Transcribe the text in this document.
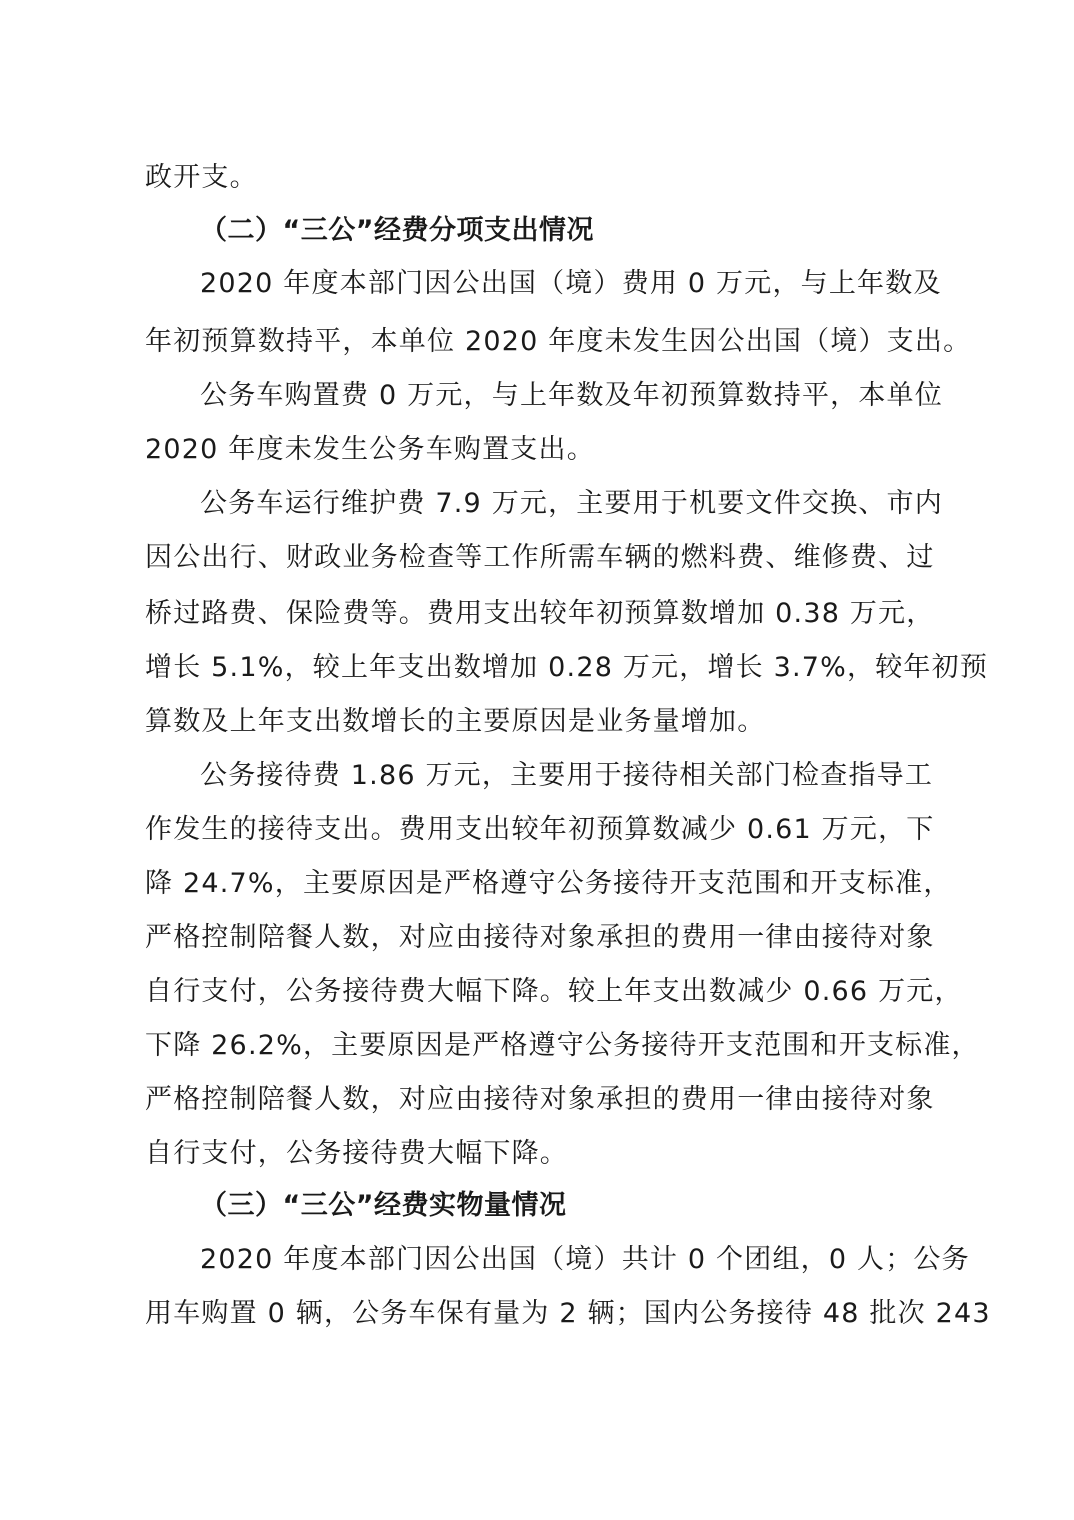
政开支。
（二）“三公”经费分项支出情况
2020 年度本部门因公出国（境）费用 0 万元，与上年数及
年初预算数持平，本单位 2020 年度未发生因公出国（境）支出。
公务车购置费 0 万元，与上年数及年初预算数持平，本单位
2020 年度未发生公务车购置支出。
公务车运行维护费 7.9 万元，主要用于机要文件交换、市内
因公出行、财政业务检查等工作所需车辆的燃料费、维修费、过
桥过路费、保险费等。费用支出较年初预算数增加 0.38 万元，
增长 5.1%，较上年支出数增加 0.28 万元，增长 3.7%，较年初预
算数及上年支出数增长的主要原因是业务量增加。
公务接待费 1.86 万元，主要用于接待相关部门检查指导工
作发生的接待支出。费用支出较年初预算数减少 0.61 万元，下
降 24.7%，主要原因是严格遵守公务接待开支范围和开支标准，
严格控制陪餐人数，对应由接待对象承担的费用一律由接待对象
自行支付，公务接待费大幅下降。较上年支出数减少 0.66 万元，
下降 26.2%，主要原因是严格遵守公务接待开支范围和开支标准，
严格控制陪餐人数，对应由接待对象承担的费用一律由接待对象
自行支付，公务接待费大幅下降。
（三）“三公”经费实物量情况
2020 年度本部门因公出国（境）共计 0 个团组，0 人；公务
用车购置 0 辆，公务车保有量为 2 辆；国内公务接待 48 批次 243
